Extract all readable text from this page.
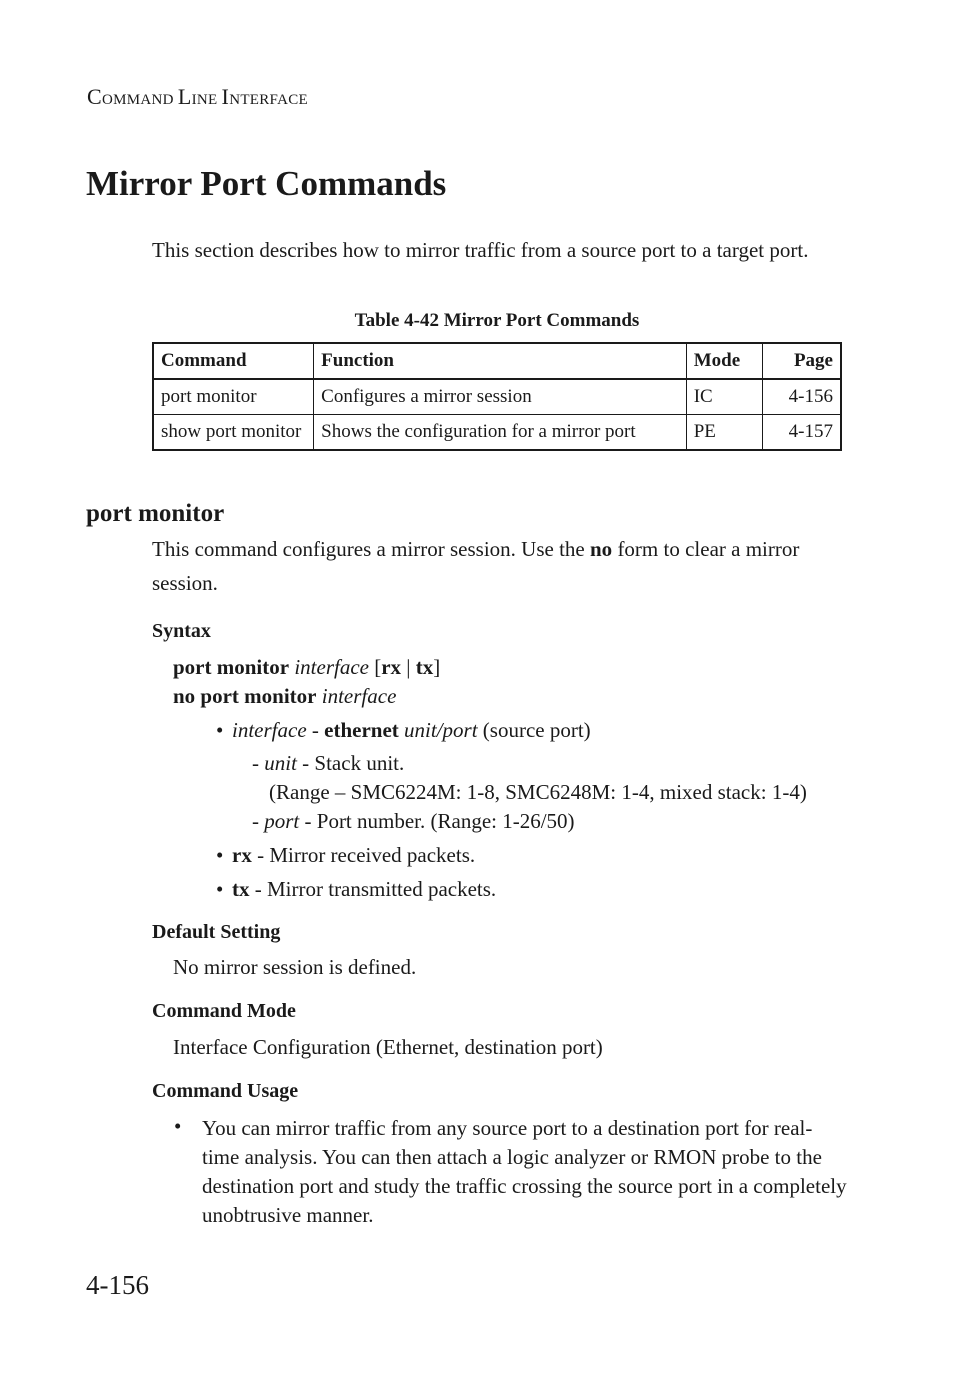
COMMAND LINE INTERFACE
Mirror Port Commands
This section describes how to mirror traffic from a source port to a target port.
Table 4-42 Mirror Port Commands
Command	Function	Mode	Page
port monitor	Configures a mirror session	IC	4-156
show port monitor	Shows the configuration for a mirror port	PE	4-157
port monitor
This command configures a mirror session. Use the no form to clear a mirror session.
Syntax
port monitor interface [rx | tx]
no port monitor interface
• interface - ethernet unit/port (source port)
- unit - Stack unit.
(Range – SMC6224M: 1-8, SMC6248M: 1-4, mixed stack: 1-4)
- port - Port number. (Range: 1-26/50)
• rx - Mirror received packets.
• tx - Mirror transmitted packets.
Default Setting
No mirror session is defined.
Command Mode
Interface Configuration (Ethernet, destination port)
Command Usage
• You can mirror traffic from any source port to a destination port for real-time analysis. You can then attach a logic analyzer or RMON probe to the destination port and study the traffic crossing the source port in a completely unobtrusive manner.
4-156
